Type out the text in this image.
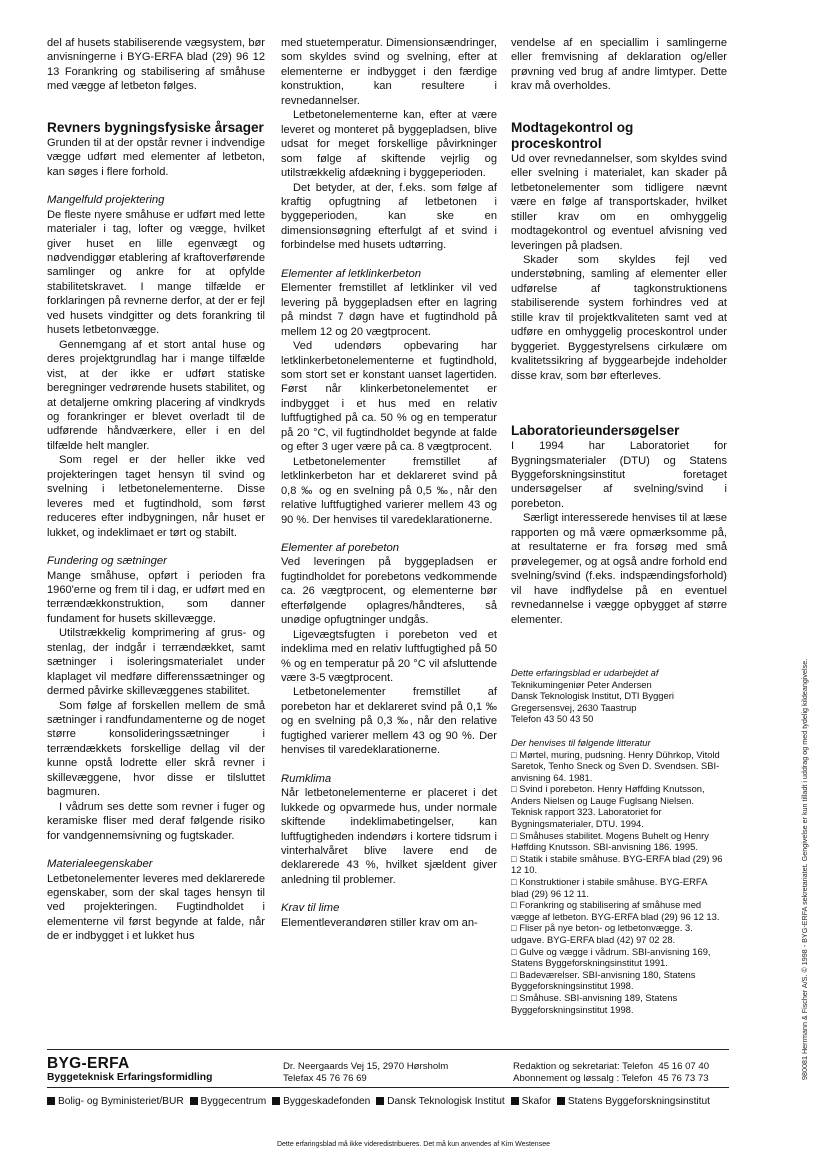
del af husets stabiliserende vægsystem, bør anvisningerne i BYG-ERFA blad (29) 96 12 13 Forankring og stabilisering af småhuse med vægge af letbeton følges.

Revners bygningsfysiske årsager

Grunden til at der opstår revner i indvendige vægge udført med elementer af letbeton, kan søges i flere forhold.

Mangelfuld projektering

De fleste nyere småhuse er udført med lette materialer i tag, lofter og vægge, hvilket giver huset en lille egenvægt og nødvendiggør etablering af kraftoverførende samlinger og ankre for at opfylde stabilitetskravet. I mange tilfælde er forklaringen på revnerne derfor, at der er fejl ved husets vindgitter og dets forankring til husets letbetonvægge.

Gennemgang af et stort antal huse og deres projektgrundlag har i mange tilfælde vist, at der ikke er udført statiske beregninger vedrørende husets stabilitet, og at detaljerne omkring placering af vindkryds og forankringer er blevet overladt til de udførende håndværkere, eller i en del tilfælde helt mangler.

Som regel er der heller ikke ved projekteringen taget hensyn til svind og svelning i letbetonelementerne. Disse leveres med et fugtindhold, som først reduceres efter indbygningen, når huset er lukket, og indeklimaet er tørt og stabilt.

Fundering og sætninger

Mange småhuse, opført i perioden fra 1960'erne og frem til i dag, er udført med en terrændækkonstruktion, som danner fundament for husets skillevægge.

Utilstrækkelig komprimering af grus- og stenlag, der indgår i terrændækket, samt sætninger i isoleringsmaterialet under klaplaget vil medføre differenssætninger og dermed påvirke skillevæggenes stabilitet.

Som følge af forskellen mellem de små sætninger i randfundamenterne og de noget større konsolideringssætninger i terrændækkets forskellige dellag vil der kunne opstå lodrette eller skrå revner i skillevæggene, hvor disse er tilsluttet bagmuren.

I vådrum ses dette som revner i fuger og keramiske fliser med deraf følgende risiko for vandgennemsivning og fugtskader.

Materialeegenskaber

Letbetonelementer leveres med deklarerede egenskaber, som der skal tages hensyn til ved projekteringen. Fugtindholdet i elementerne vil først begynde at falde, når de er indbygget i et lukket hus

med stuetemperatur. Dimensionsændringer, som skyldes svind og svelning, efter at elementerne er indbygget i den færdige konstruktion, kan resultere i revnedannelser.

Letbetonelementerne kan, efter at være leveret og monteret på byggepladsen, blive udsat for meget forskellige påvirkninger som følge af skiftende vejrlig og utilstrækkelig afdækning i byggeperioden.

Det betyder, at der, f.eks. som følge af kraftig opfugtning af letbetonen i byggeperioden, kan ske en dimensionsøgning efterfulgt af et svind i forbindelse med husets udtørring.

Elementer af letklinkerbeton

Elementer fremstillet af letklinker vil ved levering på byggepladsen efter en lagring på mindst 7 døgn have et fugtindhold på mellem 12 og 20 vægtprocent.

Ved udendørs opbevaring har letklinkerbetonelementerne et fugtindhold, som stort set er konstant uanset lagertiden. Først når klinkerbetonelementet er indbygget i et hus med en relativ luftfugtighed på ca. 50 % og en temperatur på 20 °C, vil fugtindholdet begynde at falde og efter 3 uger være på ca. 8 vægtprocent.

Letbetonelementer fremstillet af letklinkerbeton har et deklareret svind på 0,8 ‰ og en svelning på 0,5 ‰, når den relative luftfugtighed varierer mellem 43 og 90 %. Der henvises til varedeklarationerne.

Elementer af porebeton

Ved leveringen på byggepladsen er fugtindholdet for porebetons vedkommende ca. 26 vægtprocent, og elementerne bør efterfølgende oplagres/håndteres, så unødige opfugtninger undgås.

Ligevægtsfugten i porebeton ved et indeklima med en relativ luftfugtighed på 50 % og en temperatur på 20 °C vil afsluttende være 3-5 vægtprocent.

Letbetonelementer fremstillet af porebeton har et deklareret svind på 0,1 ‰ og en svelning på 0,3 ‰, når den relative fugtighed varierer mellem 43 og 90 %. Der henvises til varedeklarationerne.

Rumklima

Når letbetonelementerne er placeret i det lukkede og opvarmede hus, under normale skiftende indeklimabetingelser, kan luftfugtigheden indendørs i kortere tidsrum i vinterhalvåret blive lavere end de deklarerede 43 %, hvilket sjældent giver anledning til problemer.

Krav til lime

Elementleverandøren stiller krav om an-

vendelse af en speciallim i samlingerne eller fremvisning af deklaration og/eller prøvning ved brug af andre limtyper. Dette krav må overholdes.

Modtagekontrol og proceskontrol

Ud over revnedannelser, som skyldes svind eller svelning i materialet, kan skader på letbetonelementer som tidligere nævnt være en følge af transportskader, hvilket stiller krav om en omhyggelig modtagekontrol og eventuel afvisning ved leveringen på pladsen.

Skader som skyldes fejl ved understøbning, samling af elementer eller udførelse af tagkonstruktionens stabiliserende system forhindres ved at stille krav til projektkvaliteten samt ved at udføre en omhyggelig proceskontrol under byggeriet. Byggestyrelsens cirkulære om kvalitetssikring af byggearbejde indeholder disse krav, som bør efterleves.

Laboratorieundersøgelser

I 1994 har Laboratoriet for Bygningsmaterialer (DTU) og Statens Byggeforskningsinstitut foretaget undersøgelser af svelning/svind i porebeton.

Særligt interesserede henvises til at læse rapporten og må være opmærksomme på, at resultaterne er fra forsøg med små prøvelegemer, og at også andre forhold end svelning/svind (f.eks. indspændingsforhold) vil have indflydelse på en eventuel revnedannelse i vægge opbygget af større elementer.

Dette erfaringsblad er udarbejdet af

Teknikumingeniør Peter Andersen

Dansk Teknologisk Institut, DTI Byggeri

Gregersensvej, 2630 Taastrup

Telefon 43 50 43 50

Der henvises til følgende litteratur

□ Mørtel, muring, pudsning. Henry Dührkop, Vitold Saretok, Tenho Sneck og Sven D. Svendsen. SBI-anvisning 64. 1981.

□ Svind i porebeton. Henry Høffding Knutsson, Anders Nielsen og Lauge Fuglsang Nielsen. Teknisk rapport 323. Laboratoriet for Bygningsmaterialer, DTU. 1994.

□ Småhuses stabilitet. Mogens Buhelt og Henry Høffding Knutsson. SBI-anvisning 186. 1995.

□ Statik i stabile småhuse. BYG-ERFA blad (29) 96 12 10.

□ Konstruktioner i stabile småhuse. BYG-ERFA blad (29) 96 12 11.

□ Forankring og stabilisering af småhuse med vægge af letbeton. BYG-ERFA blad (29) 96 12 13.

□ Fliser på nye beton- og letbetonvægge. 3. udgave. BYG-ERFA blad (42) 97 02 28.

□ Gulve og vægge i vådrum. SBI-anvisning 169, Statens Byggeforskningsinstitut 1991.

□ Badeværelser. SBI-anvisning 180, Statens Byggeforskningsinstitut 1998.

□ Småhuse. SBI-anvisning 189, Statens Byggeforskningsinstitut 1998.

BYG-ERFA
Byggeteknisk Erfaringsformidling
Dr. Neergaards Vej 15, 2970 Hørsholm
Telefax 45 76 76 69
Redaktion og sekretariat: Telefon  45 16 07 40
Abonnement og løssalg : Telefon  45 76 73 73
Bolig- og Byministeriet/BUR Byggecentrum Byggeskadefonden Dansk Teknologisk Institut Skafor Statens Byggeforskningsinstitut
Dette erfaringsblad må ikke videredistribueres. Det må kun anvendes af Kim Westensee
980081 Herrmann & Fischer A/S. © 1998 - BYG-ERFA sekretariatet. Gengivelse er kun tilladt i uddrag og med tydelig kildeangivelse.
